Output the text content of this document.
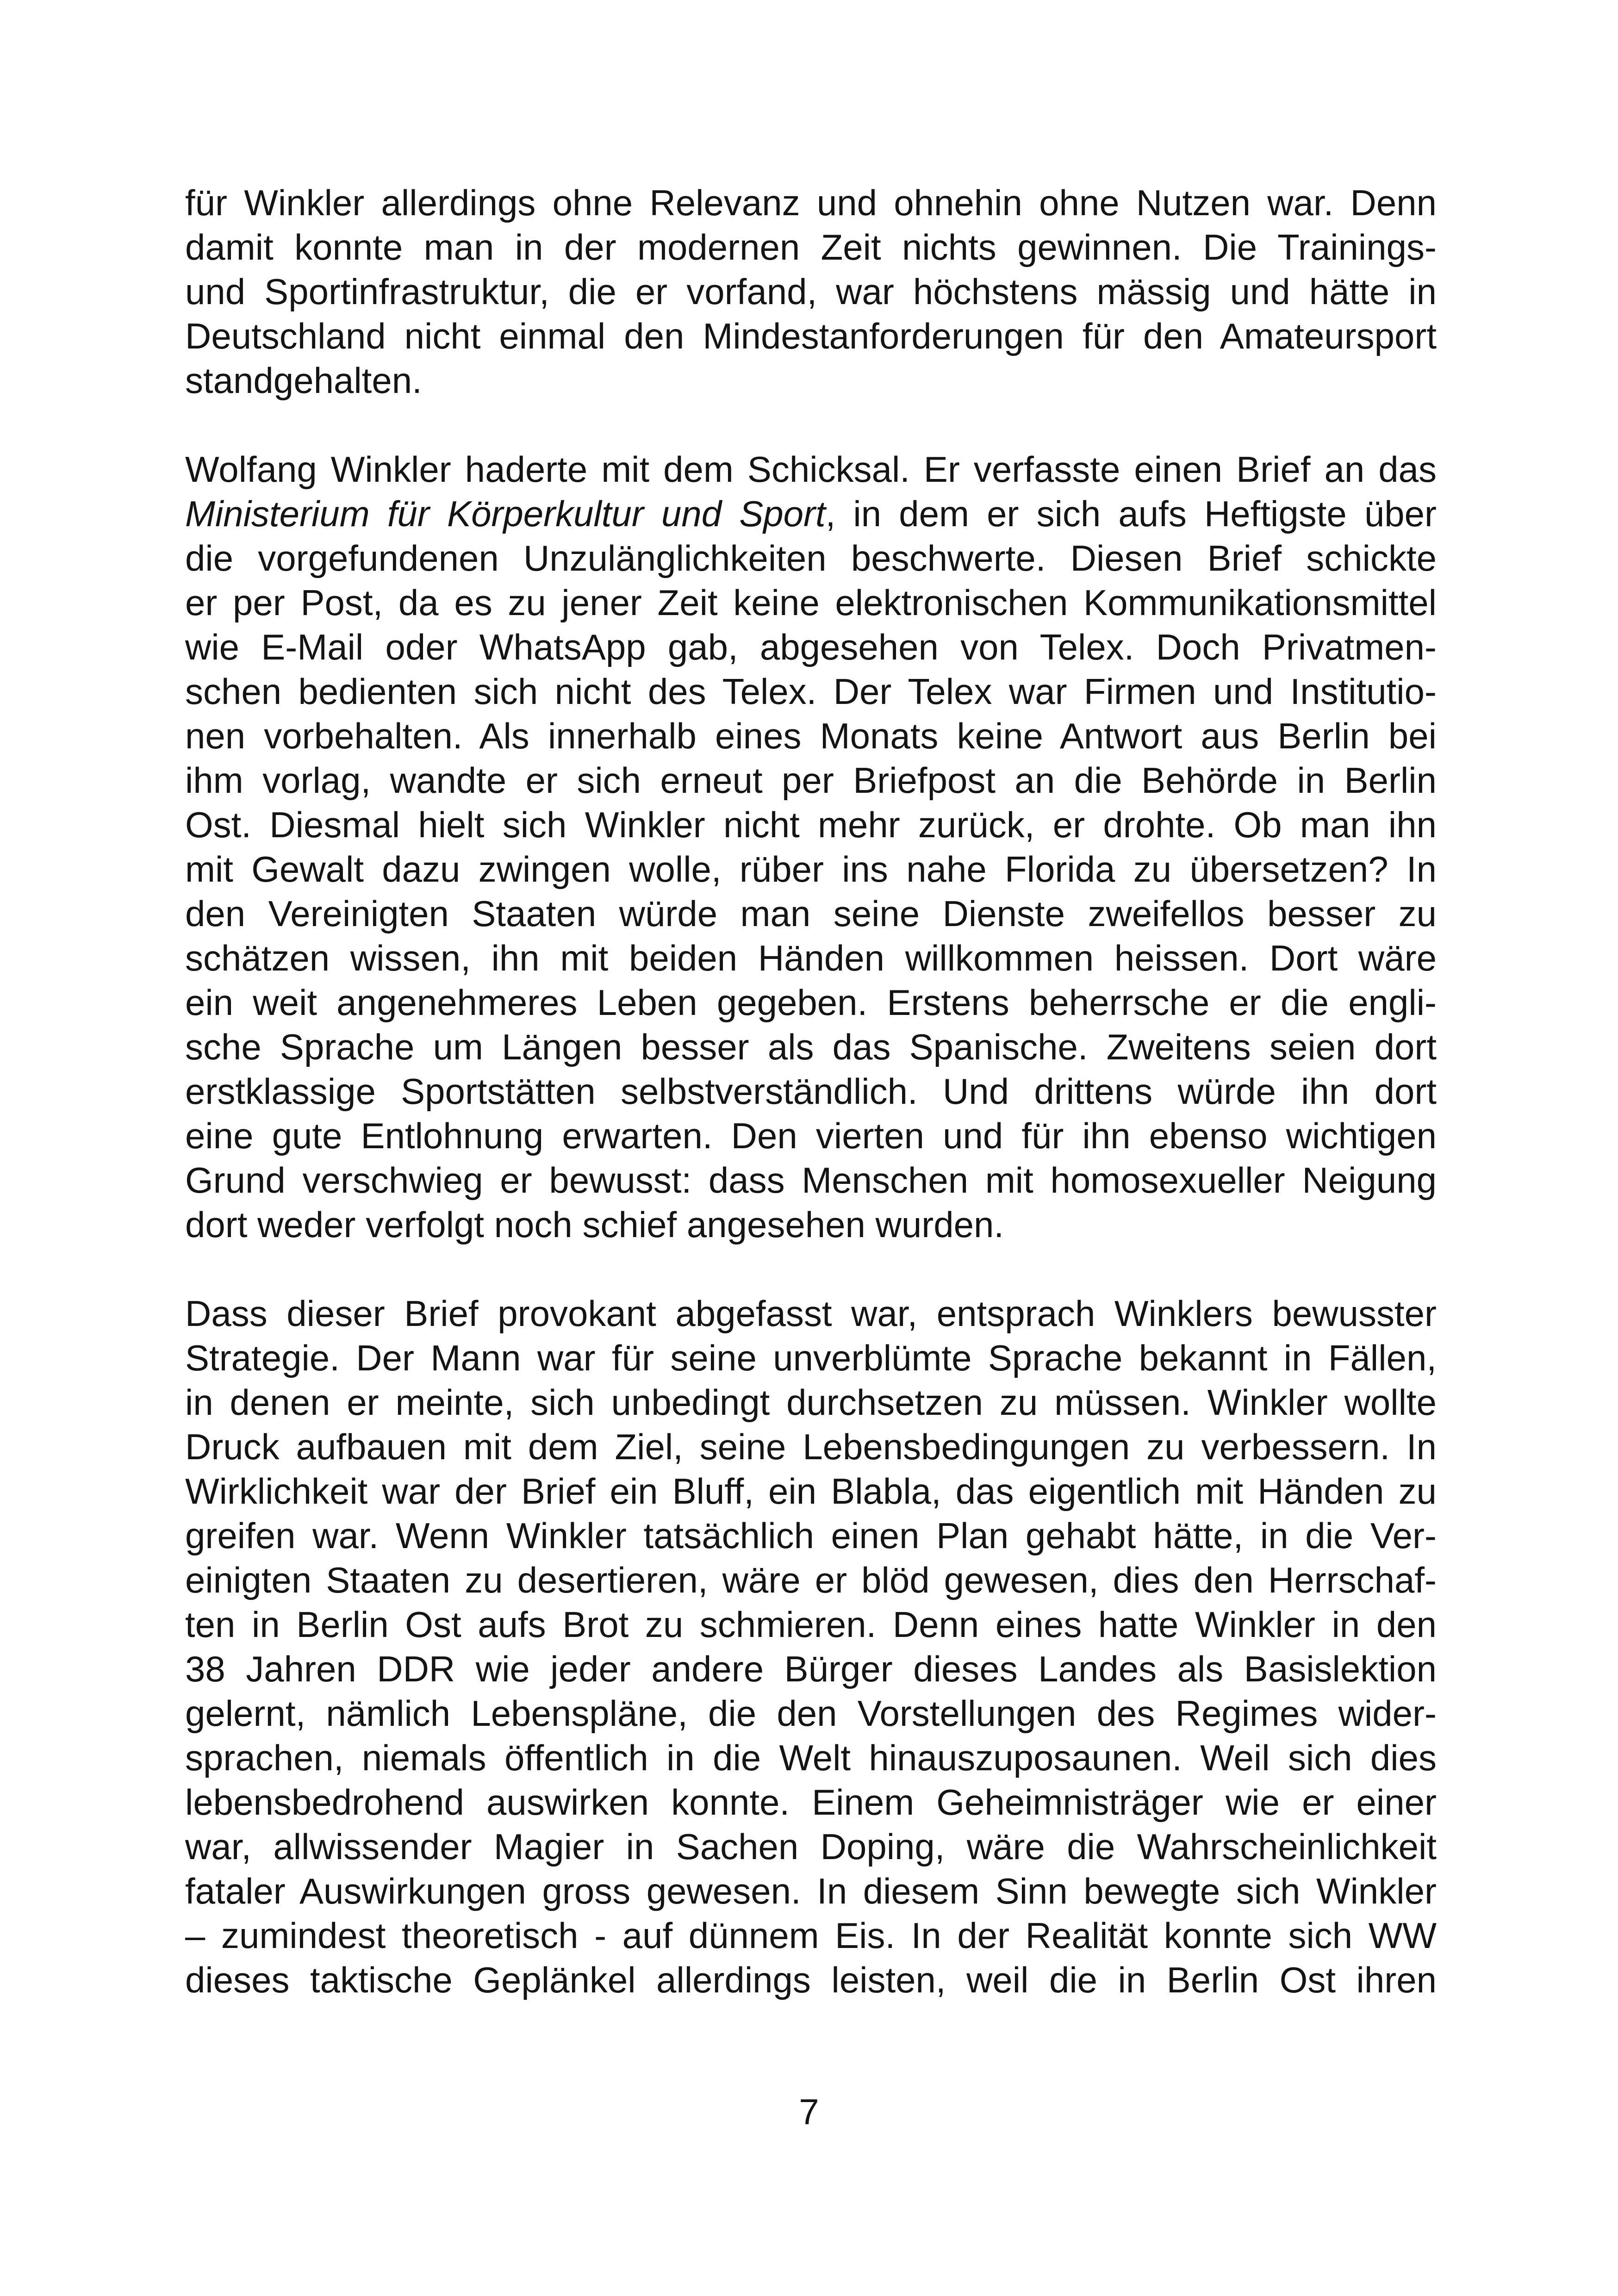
für Winkler allerdings ohne Relevanz und ohnehin ohne Nutzen war. Denn
damit konnte man in der modernen Zeit nichts gewinnen. Die Trainings-
und Sportinfrastruktur, die er vorfand, war höchstens mässig und hätte in
Deutschland nicht einmal den Mindestanforderungen für den Amateursport
standgehalten.
Wolfang Winkler haderte mit dem Schicksal. Er verfasste einen Brief an das
Ministerium für Körperkultur und Sport, in dem er sich aufs Heftigste über
die vorgefundenen Unzulänglichkeiten beschwerte. Diesen Brief schickte
er per Post, da es zu jener Zeit keine elektronischen Kommunikationsmittel
wie E-Mail oder WhatsApp gab, abgesehen von Telex. Doch Privatmen-
schen bedienten sich nicht des Telex. Der Telex war Firmen und Institutio-
nen vorbehalten. Als innerhalb eines Monats keine Antwort aus Berlin bei
ihm vorlag, wandte er sich erneut per Briefpost an die Behörde in Berlin
Ost. Diesmal hielt sich Winkler nicht mehr zurück, er drohte. Ob man ihn
mit Gewalt dazu zwingen wolle, rüber ins nahe Florida zu übersetzen? In
den Vereinigten Staaten würde man seine Dienste zweifellos besser zu
schätzen wissen, ihn mit beiden Händen willkommen heissen. Dort wäre
ein weit angenehmeres Leben gegeben. Erstens beherrsche er die engli-
sche Sprache um Längen besser als das Spanische. Zweitens seien dort
erstklassige Sportstätten selbstverständlich. Und drittens würde ihn dort
eine gute Entlohnung erwarten. Den vierten und für ihn ebenso wichtigen
Grund verschwieg er bewusst: dass Menschen mit homosexueller Neigung
dort weder verfolgt noch schief angesehen wurden.
Dass dieser Brief provokant abgefasst war, entsprach Winklers bewusster
Strategie. Der Mann war für seine unverblümte Sprache bekannt in Fällen,
in denen er meinte, sich unbedingt durchsetzen zu müssen. Winkler wollte
Druck aufbauen mit dem Ziel, seine Lebensbedingungen zu verbessern. In
Wirklichkeit war der Brief ein Bluff, ein Blabla, das eigentlich mit Händen zu
greifen war. Wenn Winkler tatsächlich einen Plan gehabt hätte, in die Ver-
einigten Staaten zu desertieren, wäre er blöd gewesen, dies den Herrschaf-
ten in Berlin Ost aufs Brot zu schmieren. Denn eines hatte Winkler in den
38 Jahren DDR wie jeder andere Bürger dieses Landes als Basislektion
gelernt, nämlich Lebenspläne, die den Vorstellungen des Regimes wider-
sprachen, niemals öffentlich in die Welt hinauszuposaunen. Weil sich dies
lebensbedrohend auswirken konnte. Einem Geheimnisträger wie er einer
war, allwissender Magier in Sachen Doping, wäre die Wahrscheinlichkeit
fataler Auswirkungen gross gewesen. In diesem Sinn bewegte sich Winkler
– zumindest theoretisch - auf dünnem Eis. In der Realität konnte sich WW
dieses taktische Geplänkel allerdings leisten, weil die in Berlin Ost ihren
7
